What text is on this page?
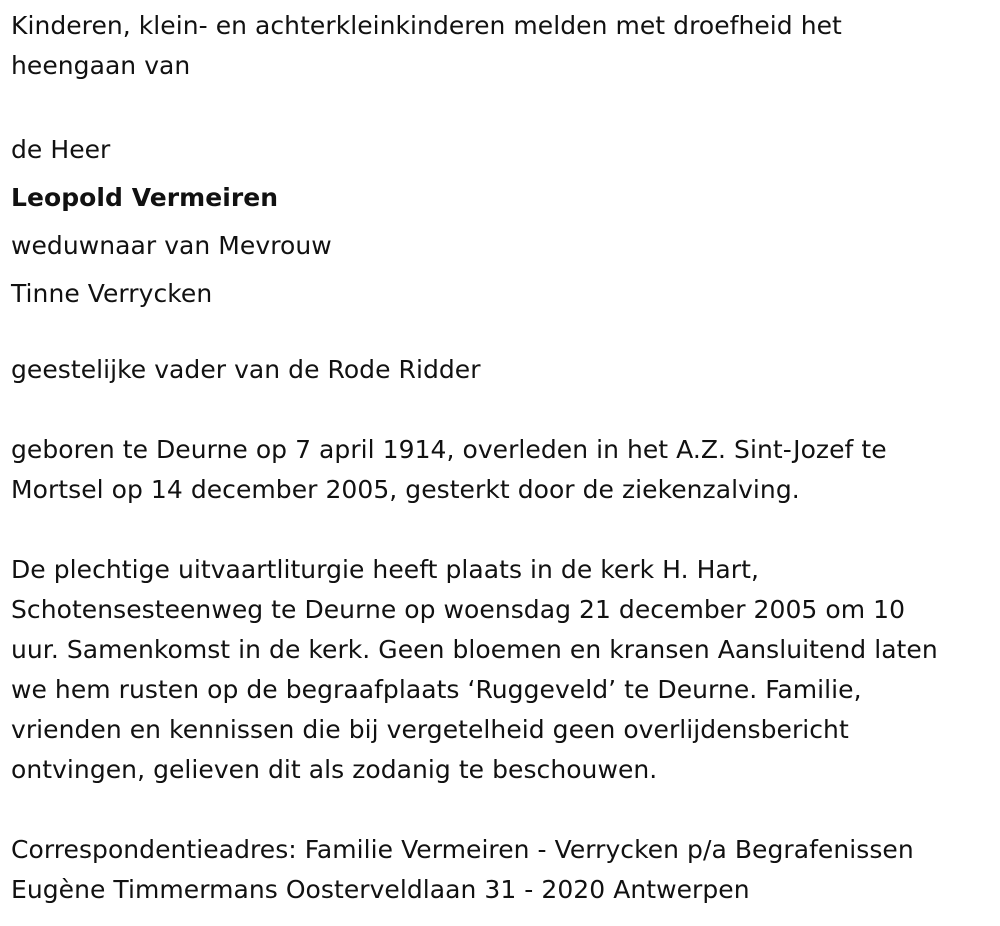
Kinderen, klein- en achterkleinkinderen melden met droefheid het
heengaan van

de Heer

Leopold Vermeiren

weduwnaar van Mevrouw

Tinne Verrycken

geestelijke vader van de Rode Ridder

geboren te Deurne op 7 april 1914, overleden in het A.Z. Sint-Jozef te
Mortsel op 14 december 2005, gesterkt door de ziekenzalving.

De plechtige uitvaartliturgie heeft plaats in de kerk H. Hart,
Schotensesteenweg te Deurne op woensdag 21 december 2005 om 10
uur. Samenkomst in de kerk. Geen bloemen en kransen Aansluitend laten
we hem rusten op de begraafplaats ‘Ruggeveld’ te Deurne. Familie,
vrienden en kennissen die bij vergetelheid geen overlijdensbericht
ontvingen, gelieven dit als zodanig te beschouwen.

Correspondentieadres: Familie Vermeiren - Verrycken p/a Begrafenissen
Eugène Timmermans Oosterveldlaan 31 - 2020 Antwerpen
